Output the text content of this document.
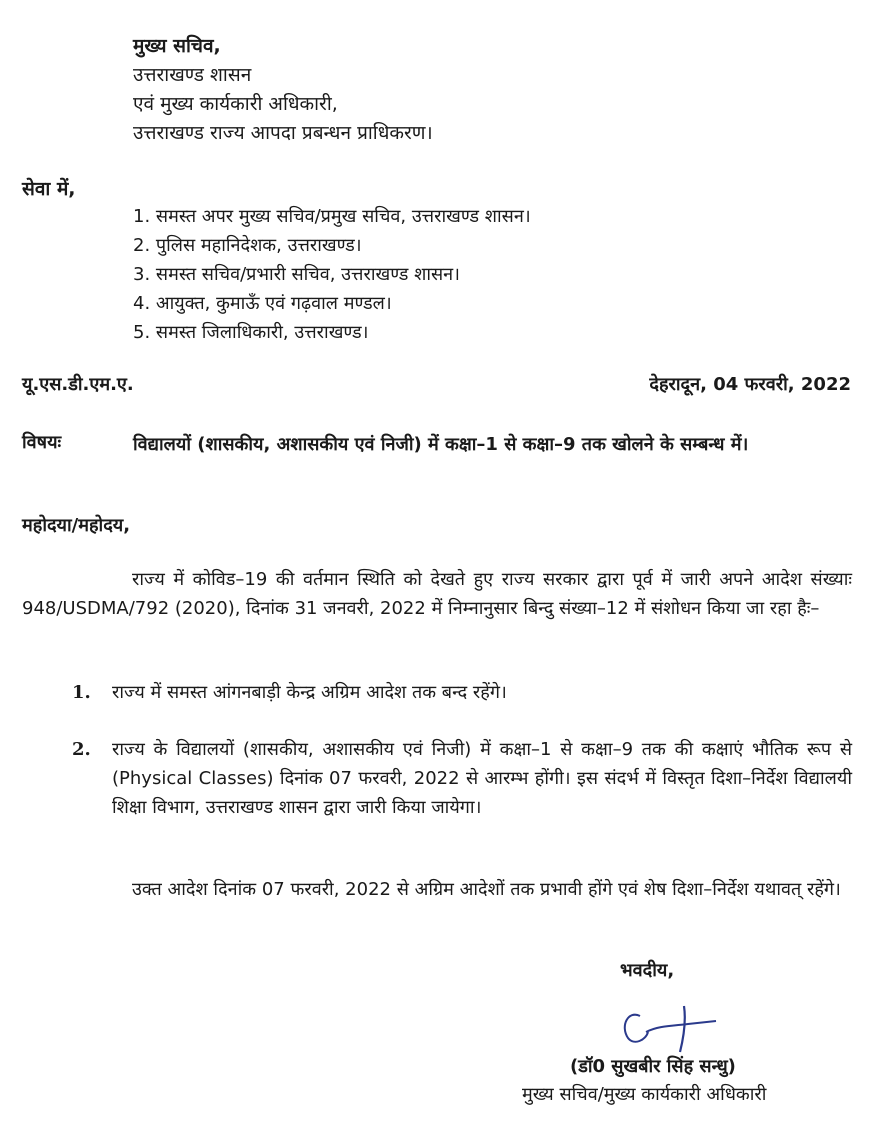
मुख्य सचिव,
उत्तराखण्ड शासन
एवं मुख्य कार्यकारी अधिकारी,
उत्तराखण्ड राज्य आपदा प्रबन्धन प्राधिकरण।
सेवा में,
1. समस्त अपर मुख्य सचिव/प्रमुख सचिव, उत्तराखण्ड शासन।
2. पुलिस महानिदेशक, उत्तराखण्ड।
3. समस्त सचिव/प्रभारी सचिव, उत्तराखण्ड शासन।
4. आयुक्त, कुमाऊँ एवं गढ़वाल मण्डल।
5. समस्त जिलाधिकारी, उत्तराखण्ड।
यू.एस.डी.एम.ए.	देहरादून, 04 फरवरी, 2022
विषयः	विद्यालयों (शासकीय, अशासकीय एवं निजी) में कक्षा–1 से कक्षा–9 तक खोलने के सम्बन्ध में।
महोदया/महोदय,
राज्य में कोविड–19 की वर्तमान स्थिति को देखते हुए राज्य सरकार द्वारा पूर्व में जारी अपने आदेश संख्याः 948/USDMA/792 (2020), दिनांक 31 जनवरी, 2022 में निम्नानुसार बिन्दु संख्या–12 में संशोधन किया जा रहा हैः–
1. राज्य में समस्त आंगनबाड़ी केन्द्र अग्रिम आदेश तक बन्द रहेंगे।
2. राज्य के विद्यालयों (शासकीय, अशासकीय एवं निजी) में कक्षा–1 से कक्षा–9 तक की कक्षाएं भौतिक रूप से (Physical Classes) दिनांक 07 फरवरी, 2022 से आरम्भ होंगी। इस संदर्भ में विस्तृत दिशा–निर्देश विद्यालयी शिक्षा विभाग, उत्तराखण्ड शासन द्वारा जारी किया जायेगा।
उक्त आदेश दिनांक 07 फरवरी, 2022 से अग्रिम आदेशों तक प्रभावी होंगे एवं शेष दिशा–निर्देश यथावत् रहेंगे।
भवदीय,
(डॉ0 सुखबीर सिंह सन्धु)
मुख्य सचिव/मुख्य कार्यकारी अधिकारी
